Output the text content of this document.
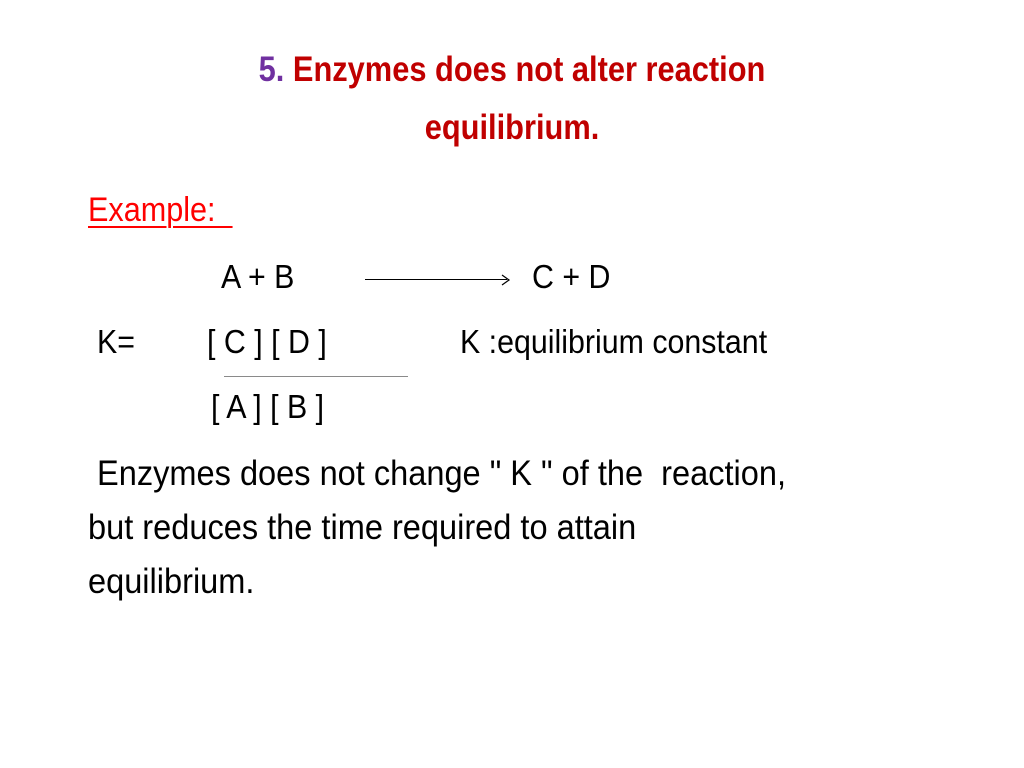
5. Enzymes does not alter reaction
equilibrium.
Example:
A + B	C + D
K= [ C ] [ D ]	K :equilibrium constant
[ A ] [ B ]
Enzymes does not change " K " of the  reaction,
but reduces the time required to attain
equilibrium.
